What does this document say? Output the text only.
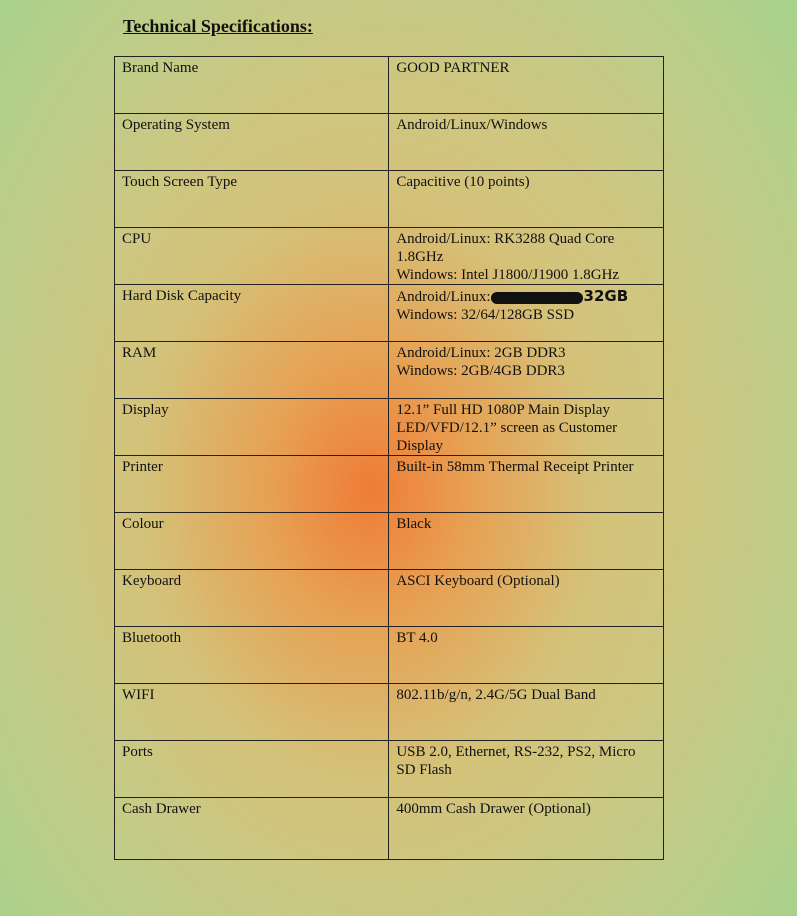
Technical Specifications:
Brand Name	GOOD PARTNER

Operating System	Android/Linux/Windows

Touch Screen Type	Capacitive (10 points)

CPU	Android/Linux: RK3288 Quad Core
1.8GHz
Windows: Intel J1800/J1900 1.8GHz

Hard Disk Capacity	Android/Linux: 32GB
Windows: 32/64/128GB SSD

RAM	Android/Linux: 2GB DDR3
Windows: 2GB/4GB DDR3

Display	12.1” Full HD 1080P Main Display
LED/VFD/12.1” screen as Customer
Display

Printer	Built-in 58mm Thermal Receipt Printer

Colour	Black

Keyboard	ASCI Keyboard (Optional)

Bluetooth	BT 4.0

WIFI	802.11b/g/n, 2.4G/5G Dual Band

Ports	USB 2.0, Ethernet, RS-232, PS2, Micro
SD Flash

Cash Drawer	400mm Cash Drawer (Optional)
